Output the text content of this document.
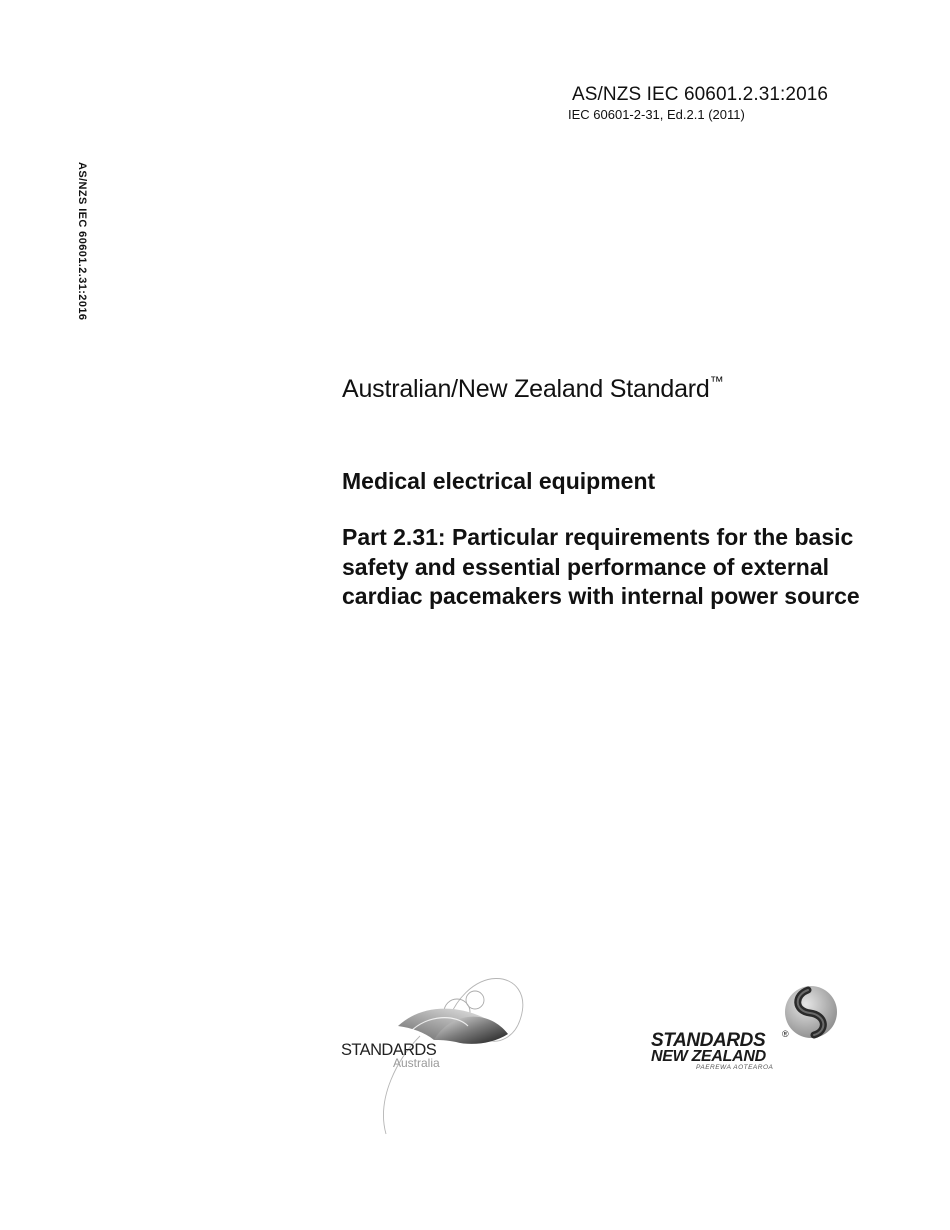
AS/NZS IEC 60601.2.31:2016
IEC 60601-2-31, Ed.2.1 (2011)
AS/NZS IEC 60601.2.31:2016
Australian/New Zealand Standard™
Medical electrical equipment

Part 2.31: Particular requirements for the basic safety and essential performance of external cardiac pacemakers with internal power source

STANDARDS
Australia
STANDARDS ®
NEW ZEALAND
PAEREWA AOTEAROA
